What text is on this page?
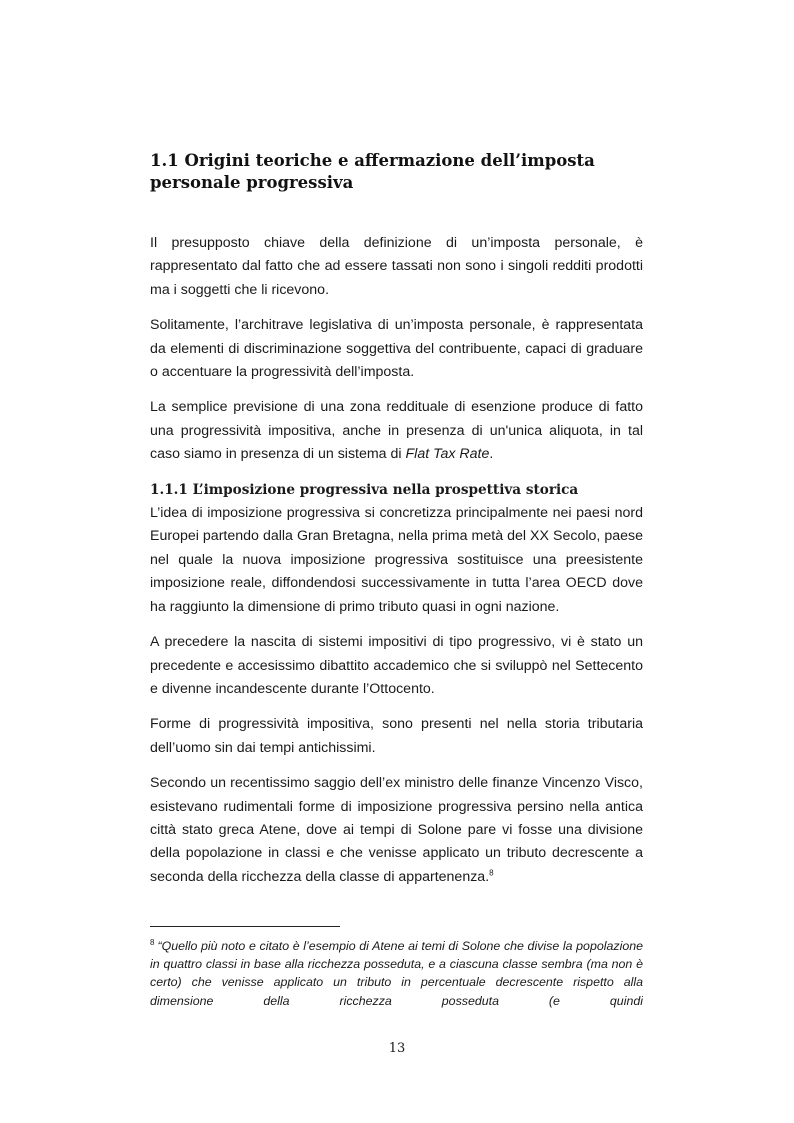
1.1 Origini teoriche e affermazione dell’imposta personale progressiva

Il presupposto chiave della definizione di un’imposta personale, è rappresentato dal fatto che ad essere tassati non sono i singoli redditi prodotti ma i soggetti che li ricevono.

Solitamente, l’architrave legislativa di un’imposta personale, è rappresentata da elementi di discriminazione soggettiva del contribuente, capaci di graduare o accentuare la progressività dell’imposta.

La semplice previsione di una zona reddituale di esenzione produce di fatto una progressività impositiva, anche in presenza di un'unica aliquota, in tal caso siamo in presenza di un sistema di Flat Tax Rate.

1.1.1 L’imposizione progressiva nella prospettiva storica

L’idea di imposizione progressiva si concretizza principalmente nei paesi nord Europei partendo dalla Gran Bretagna, nella prima metà del XX Secolo, paese nel quale la nuova imposizione progressiva sostituisce una preesistente imposizione reale, diffondendosi successivamente in tutta l’area OECD dove ha raggiunto la dimensione di primo tributo quasi in ogni nazione.

A precedere la nascita di sistemi impositivi di tipo progressivo, vi è stato un precedente e accesissimo dibattito accademico che si sviluppò nel Settecento e divenne incandescente durante l’Ottocento.

Forme di progressività impositiva, sono presenti nel nella storia tributaria dell’uomo sin dai tempi antichissimi.

Secondo un recentissimo saggio dell’ex ministro delle finanze Vincenzo Visco, esistevano rudimentali forme di imposizione progressiva persino nella antica città stato greca Atene, dove ai tempi di Solone pare vi fosse una divisione della popolazione in classi e che venisse applicato un tributo decrescente a seconda della ricchezza della classe di appartenenza.$^8$

$^8$ “Quello più noto e citato è l’esempio di Atene ai temi di Solone che divise la popolazione in quattro classi in base alla ricchezza posseduta, e a ciascuna classe sembra (ma non è certo) che venisse applicato un tributo in percentuale decrescente rispetto alla dimensione della ricchezza posseduta (e quindi

13
